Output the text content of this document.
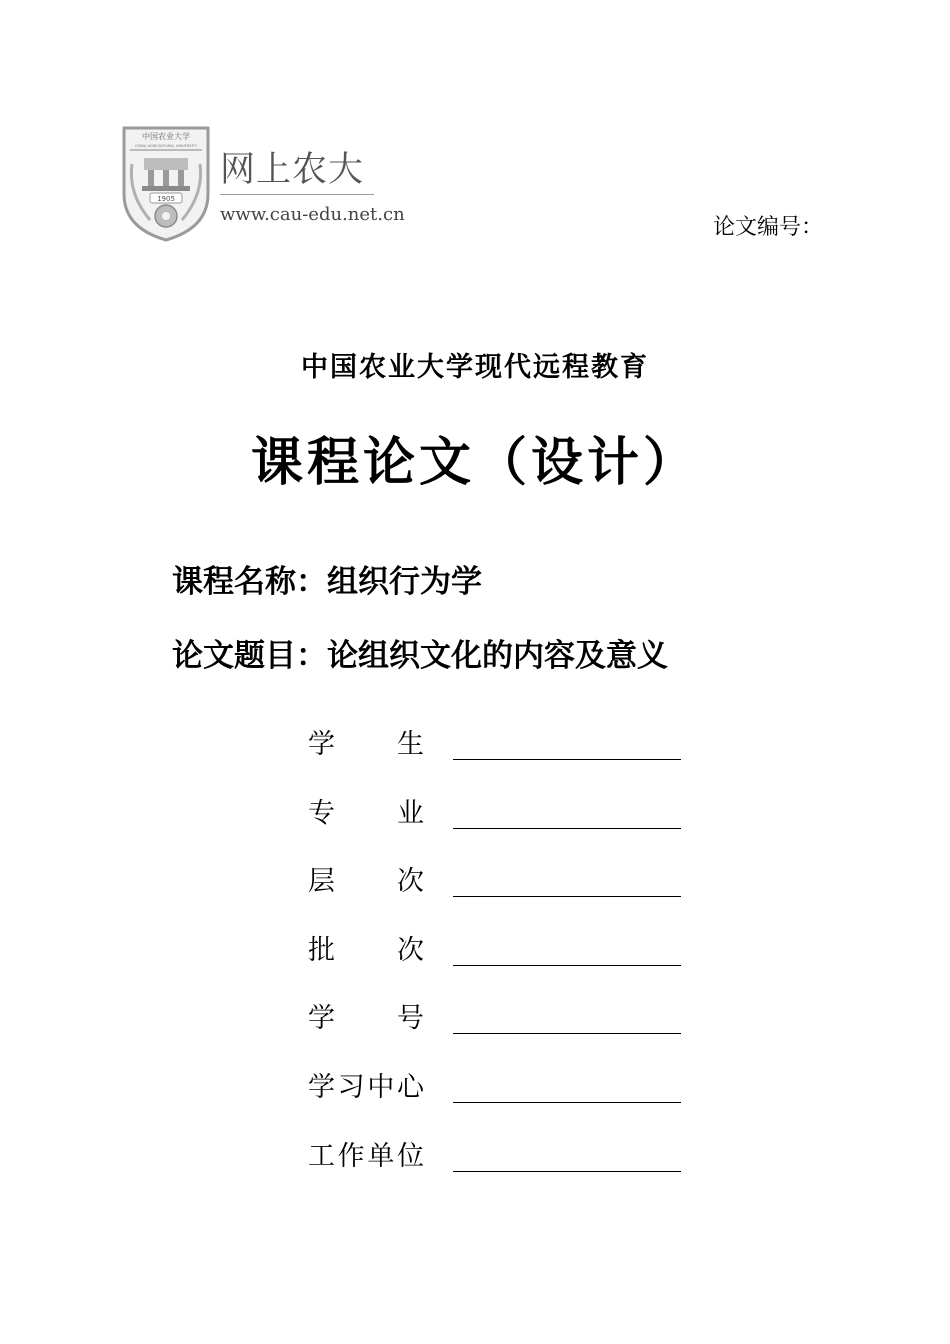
1905
中国农业大学
CHINA AGRICULTURAL UNIVERSITY
网上农大
www.cau-edu.net.cn
论文编号：
中国农业大学现代远程教育
课程论文（设计）
课程名称：组织行为学
论文题目：论组织文化的内容及意义
学 生
专 业
层 次
批 次
学 号
学 习 中 心
工 作 单 位
